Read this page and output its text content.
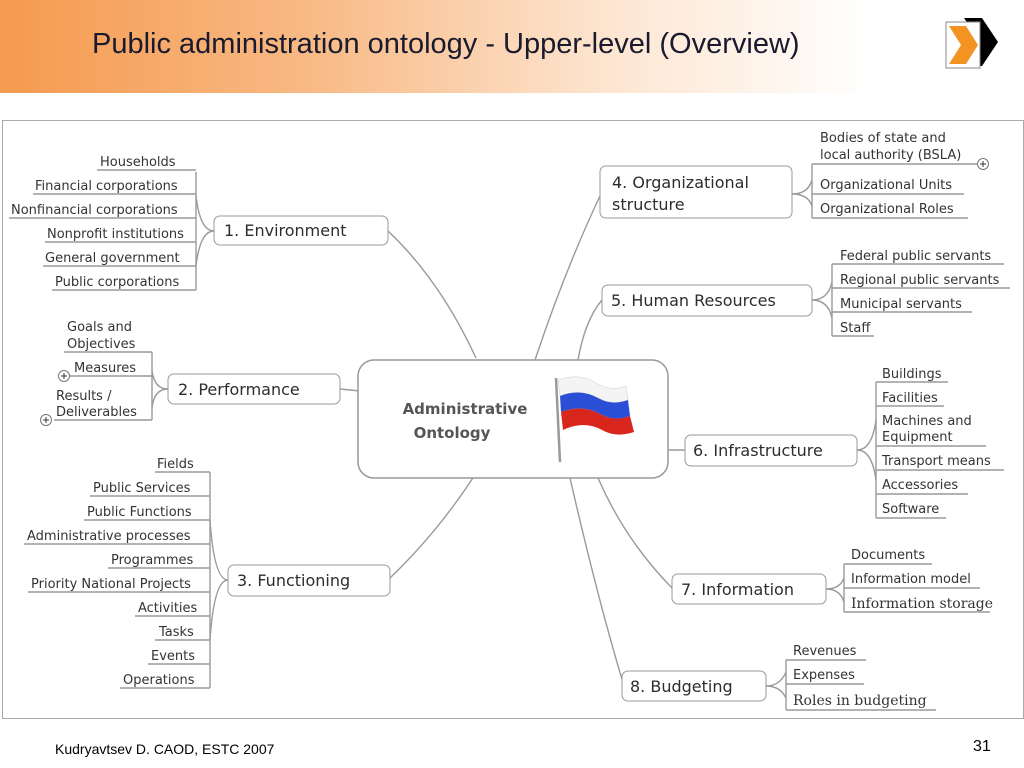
Public administration ontology - Upper-level (Overview)
Administrative
Ontology
1. Environment
2. Performance
3. Functioning
4. Organizational
structure
5. Human Resources
6. Infrastructure
7. Information
8. Budgeting
Households
Financial corporations
Nonfinancial corporations
Nonprofit institutions
General government
Public corporations
Goals and
Objectives
Measures
Results /
Deliverables
Fields
Public Services
Public Functions
Administrative processes
Programmes
Priority National Projects
Activities
Tasks
Events
Operations
Bodies of state and
local authority (BSLA)
Organizational Units
Organizational Roles
Federal public servants
Regional public servants
Municipal servants
Staff
Buildings
Facilities
Machines and
Equipment
Transport means
Accessories
Software
Documents
Information model
Information storage
Revenues
Expenses
Roles in budgeting
Kudryavtsev D. CAOD, ESTC 2007	31
